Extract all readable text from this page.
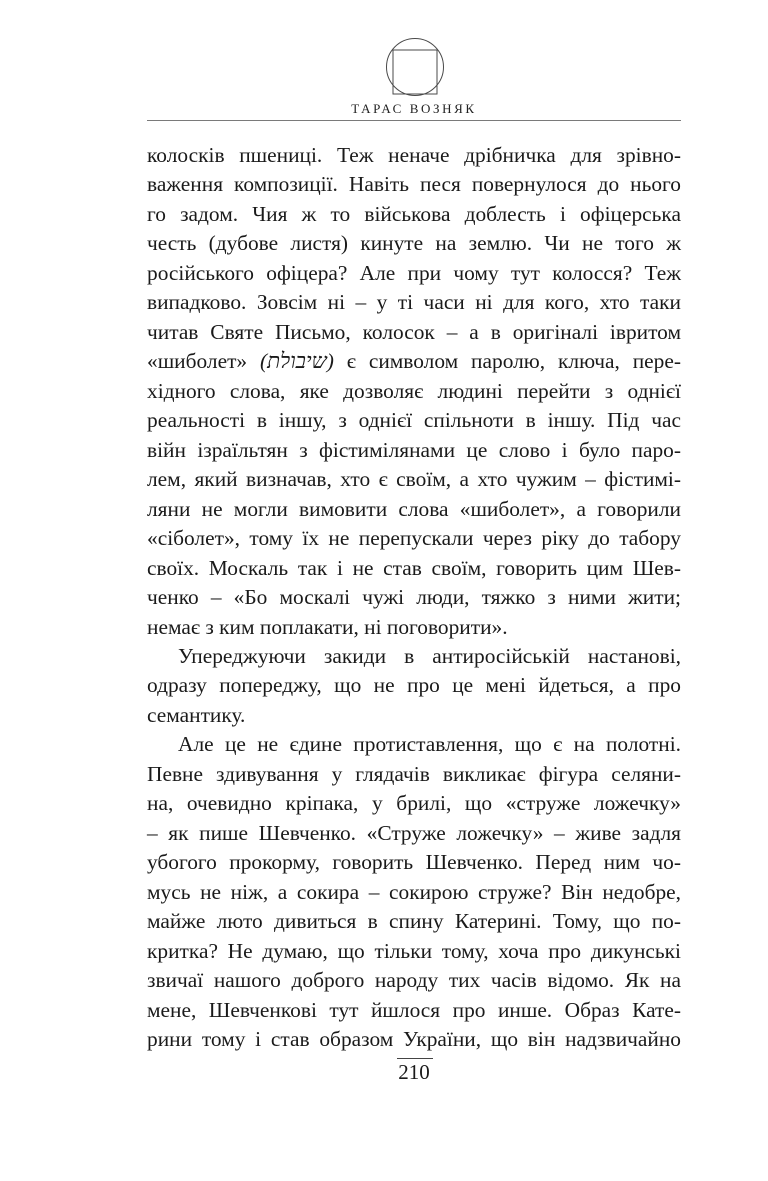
ТАРАС ВОЗНЯК
колосків пшениці. Теж неначе дрібничка для зрівно-
важення композиції. Навіть песя повернулося до нього
го задом. Чия ж то військова доблесть і офіцерська
честь (дубове листя) кинуте на землю. Чи не того ж
російського офіцера? Але при чому тут колосся? Теж
випадково. Зовсім ні – у ті часи ні для кого, хто таки
читав Святе Письмо, колосок – а в оригіналі івритом
«шиболет» (שיבולת) є символом паролю, ключа, пере-
хідного слова, яке дозволяє людині перейти з однієї
реальності в іншу, з однієї спільноти в іншу. Під час
війн ізраїльтян з фістимілянами це слово і було паро-
лем, який визначав, хто є своїм, а хто чужим – фістимі-
ляни не могли вимовити слова «шиболет», а говорили
«сіболет», тому їх не перепускали через ріку до табору
своїх. Москаль так і не став своїм, говорить цим Шев-
ченко – «Бо москалі чужі люди, тяжко з ними жити;
немає з ким поплакати, ні поговорити».
Упереджуючи закиди в антиросійській настанові,
одразу попереджу, що не про це мені йдеться, а про
семантику.
Але це не єдине протиставлення, що є на полотні.
Певне здивування у глядачів викликає фігура селяни-
на, очевидно кріпака, у брилі, що «струже ложечку»
– як пише Шевченко. «Струже ложечку» – живе задля
убогого прокорму, говорить Шевченко. Перед ним чо-
мусь не ніж, а сокира – сокирою струже? Він недобре,
майже люто дивиться в спину Катерині. Тому, що по-
критка? Не думаю, що тільки тому, хоча про дикунські
звичаї нашого доброго народу тих часів відомо. Як на
мене, Шевченкові тут йшлося про инше. Образ Кате-
рини тому і став образом України, що він надзвичайно
210
